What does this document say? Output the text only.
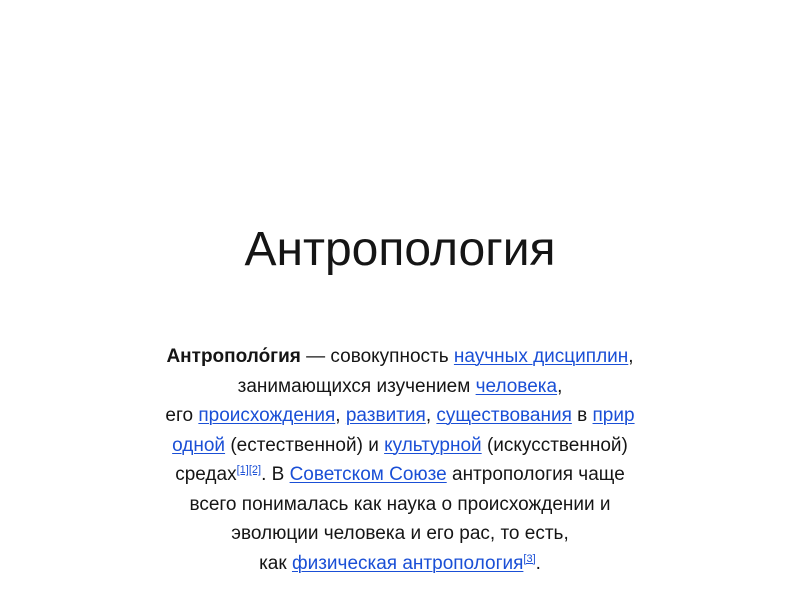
Антропология
Антрополо́гия — совокупность научных дисциплин,
занимающихся изучением человека,
его происхождения, развития, существования в прир
одной (естественной) и культурной (искусственной)
средах[1][2]. В Советском Союзе антропология чаще
всего понималась как наука о происхождении и
эволюции человека и его рас, то есть,
как физическая антропология[3].
